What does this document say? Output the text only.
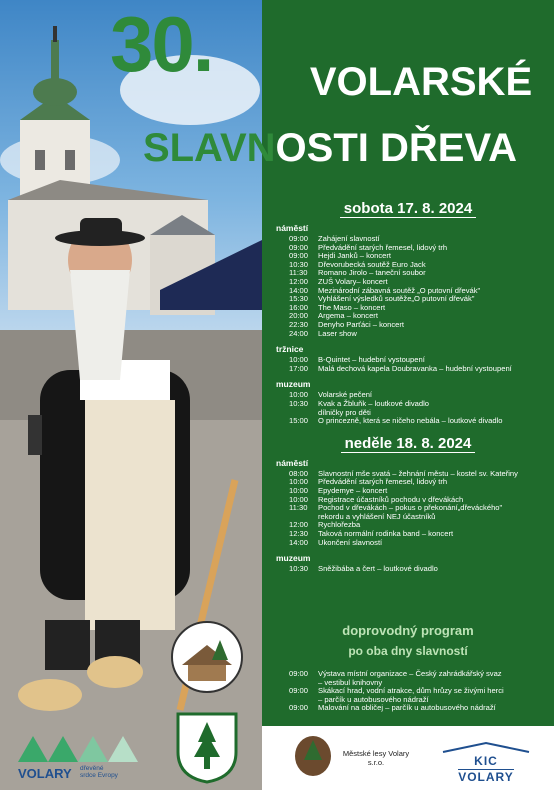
VOLARY dřevěné
srdce Evropy
30.	VOLARSKÉ
SLAVNOSTI DŘEVA
sobota 17. 8. 2024
náměstí
09:00 Zahájení slavností
09:00 Předvádění starých řemesel, lidový trh
09:00 Hejdi Janků – koncert
10:30 Dřevorubecká soutěž Euro Jack
11:30 Romano Jirolo – taneční soubor
12:00 ZUŠ Volary– koncert
14:00 Mezinárodní zábavná soutěž „O putovní dřevák"
15:30 Vyhlášení výsledků soutěže„O putovní dřevák"
16:00 The Maso – koncert
20:00 Argema – koncert
22:30 Denyho Parťáci – koncert
24:00 Laser show
tržnice
10:00 B-Quintet – hudební vystoupení
17:00 Malá dechová kapela Doubravanka – hudební vystoupení
muzeum
10:00 Volarské pečení
10:30 Kvak a Žbluňk – loutkové divadlo
dílničky pro děti
15:00 O princezně, která se ničeho nebála – loutkové divadlo
neděle 18. 8. 2024
náměstí
08:00 Slavnostní mše svatá – žehnání městu – kostel sv. Kateřiny
10:00 Předvádění starých řemesel, lidový trh
10:00 Epydemye – koncert
10:00 Registrace účastníků pochodu v dřevákách
11:30 Pochod v dřevákách – pokus o překonání„dřeváckého"
rekordu a vyhlášení NEJ účastníků
12:00 Rychlořezba
12:30 Taková normální rodinka band – koncert
14:00 Ukončení slavností
muzeum
10:30 Sněžibába a čert – loutkové divadlo
doprovodný program
po oba dny slavností
09:00 Výstava místní organizace – Český zahrádkářský svaz
– vestibul knihovny
09:00 Skákací hrad, vodní atrakce, dům hrůzy se živými herci
– parčík u autobusového nádraží
09:00 Malování na obličej – parčík u autobusového nádraží
Městské lesy Volary
s.r.o.	KIC
VOLARY
